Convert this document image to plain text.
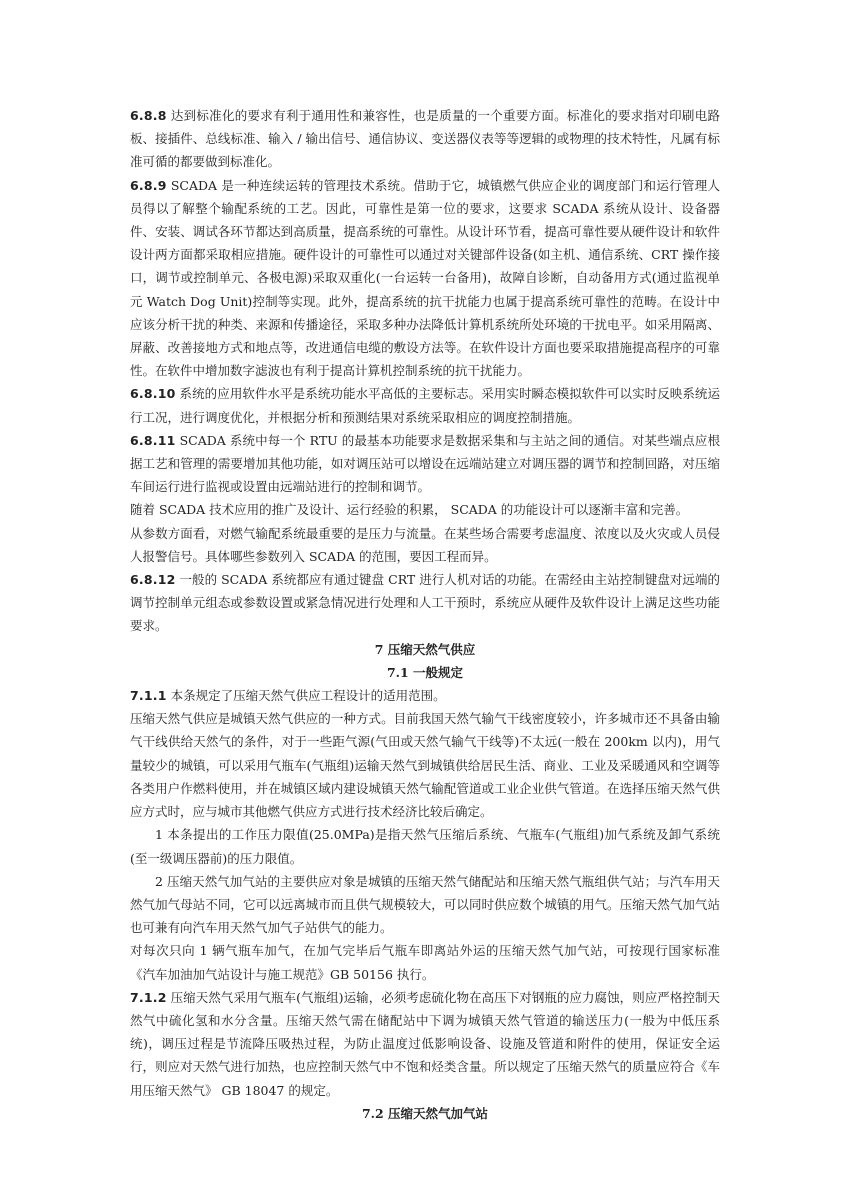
6.8.8 达到标准化的要求有利于通用性和兼容性，也是质量的一个重要方面。标准化的要求指对印刷电路板、接插件、总线标准、输入 / 输出信号、通信协议、变送器仪表等等逻辑的或物理的技术特性，凡属有标准可循的都要做到标准化。

6.8.9 SCADA 是一种连续运转的管理技术系统。借助于它，城镇燃气供应企业的调度部门和运行管理人员得以了解整个输配系统的工艺。因此，可靠性是第一位的要求，这要求 SCADA 系统从设计、设备器件、安装、调试各环节都达到高质量，提高系统的可靠性。从设计环节看，提高可靠性要从硬件设计和软件设计两方面都采取相应措施。硬件设计的可靠性可以通过对关键部件设备(如主机、通信系统、CRT 操作接口，调节或控制单元、各极电源)采取双重化(一台运转一台备用)，故障自诊断，自动备用方式(通过监视单元 Watch Dog Unit)控制等实现。此外，提高系统的抗干扰能力也属于提高系统可靠性的范畴。在设计中应该分析干扰的种类、来源和传播途径，采取多种办法降低计算机系统所处环境的干扰电平。如采用隔离、屏蔽、改善接地方式和地点等，改进通信电缆的敷设方法等。在软件设计方面也要采取措施提高程序的可靠性。在软件中增加数字滤波也有利于提高计算机控制系统的抗干扰能力。

6.8.10 系统的应用软件水平是系统功能水平高低的主要标志。采用实时瞬态模拟软件可以实时反映系统运行工况，进行调度优化，并根据分析和预测结果对系统采取相应的调度控制措施。

6.8.11 SCADA 系统中每一个 RTU 的最基本功能要求是数据采集和与主站之间的通信。对某些端点应根据工艺和管理的需要增加其他功能，如对调压站可以增设在远端站建立对调压器的调节和控制回路，对压缩车间运行进行监视或设置由远端站进行的控制和调节。

随着 SCADA 技术应用的推广及设计、运行经验的积累， SCADA 的功能设计可以逐渐丰富和完善。

从参数方面看，对燃气输配系统最重要的是压力与流量。在某些场合需要考虑温度、浓度以及火灾或人员侵人报警信号。具体哪些参数列入 SCADA 的范围，要因工程而异。

6.8.12 一般的 SCADA 系统都应有通过键盘 CRT 进行人机对话的功能。在需经由主站控制键盘对远端的调节控制单元组态或参数设置或紧急情况进行处理和人工干预时，系统应从硬件及软件设计上满足这些功能要求。

7 压缩天然气供应

7.1 一般规定

7.1.1 本条规定了压缩天然气供应工程设计的适用范围。

压缩天然气供应是城镇天然气供应的一种方式。目前我国天然气输气干线密度较小，许多城市还不具备由输气干线供给天然气的条件，对于一些距气源(气田或天然气输气干线等)不太远(一般在 200km 以内)，用气量较少的城镇，可以采用气瓶车(气瓶组)运输天然气到城镇供给居民生活、商业、工业及采暖通风和空调等各类用户作燃料使用，并在城镇区域内建设城镇天然气输配管道或工业企业供气管道。在选择压缩天然气供应方式时，应与城市其他燃气供应方式进行技术经济比较后确定。

1 本条提出的工作压力限值(25.0MPa)是指天然气压缩后系统、气瓶车(气瓶组)加气系统及卸气系统(至一级调压器前)的压力限值。

2 压缩天然气加气站的主要供应对象是城镇的压缩天然气储配站和压缩天然气瓶组供气站；与汽车用天然气加气母站不同，它可以远离城市而且供气规模较大，可以同时供应数个城镇的用气。压缩天然气加气站也可兼有向汽车用天然气加气子站供气的能力。

对每次只向 1 辆气瓶车加气，在加气完毕后气瓶车即离站外运的压缩天然气加气站，可按现行国家标准《汽车加油加气站设计与施工规范》GB 50156 执行。

7.1.2 压缩天然气采用气瓶车(气瓶组)运输，必须考虑硫化物在高压下对钢瓶的应力腐蚀，则应严格控制天然气中硫化氢和水分含量。压缩天然气需在储配站中下调为城镇天然气管道的输送压力(一般为中低压系统)，调压过程是节流降压吸热过程，为防止温度过低影响设备、设施及管道和附件的使用，保证安全运行，则应对天然气进行加热，也应控制天然气中不饱和烃类含量。所以规定了压缩天然气的质量应符合《车用压缩天然气》 GB 18047 的规定。

7.2 压缩天然气加气站
